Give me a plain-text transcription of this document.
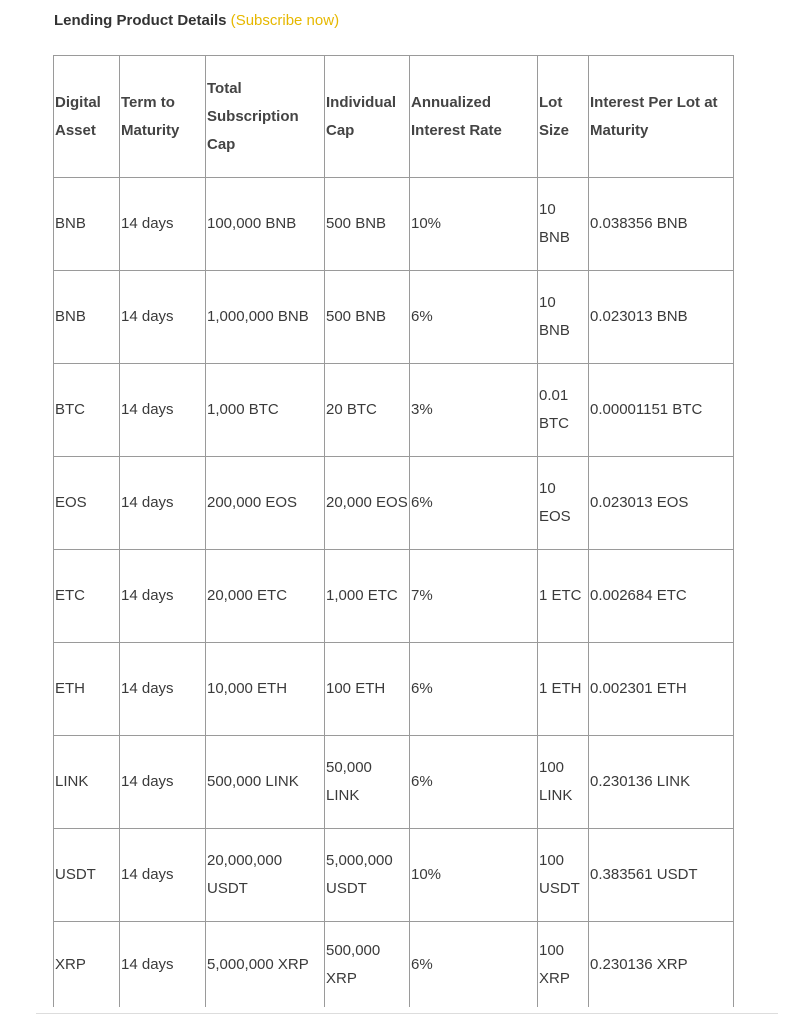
Lending Product Details (Subscribe now)
Digital Asset	Term to Maturity	Total Subscription Cap	Individual Cap	Annualized Interest Rate	Lot Size	Interest Per Lot at Maturity
BNB	14 days	100,000 BNB	500 BNB	10%	10 BNB	0.038356 BNB
BNB	14 days	1,000,000 BNB	500 BNB	6%	10 BNB	0.023013 BNB
BTC	14 days	1,000 BTC	20 BTC	3%	0.01 BTC	0.00001151 BTC
EOS	14 days	200,000 EOS	20,000 EOS	6%	10 EOS	0.023013 EOS
ETC	14 days	20,000 ETC	1,000 ETC	7%	1 ETC	0.002684 ETC
ETH	14 days	10,000 ETH	100 ETH	6%	1 ETH	0.002301 ETH
LINK	14 days	500,000 LINK	50,000 LINK	6%	100 LINK	0.230136 LINK
USDT	14 days	20,000,000 USDT	5,000,000 USDT	10%	100 USDT	0.383561 USDT
XRP	14 days	5,000,000 XRP	500,000 XRP	6%	100 XRP	0.230136 XRP
